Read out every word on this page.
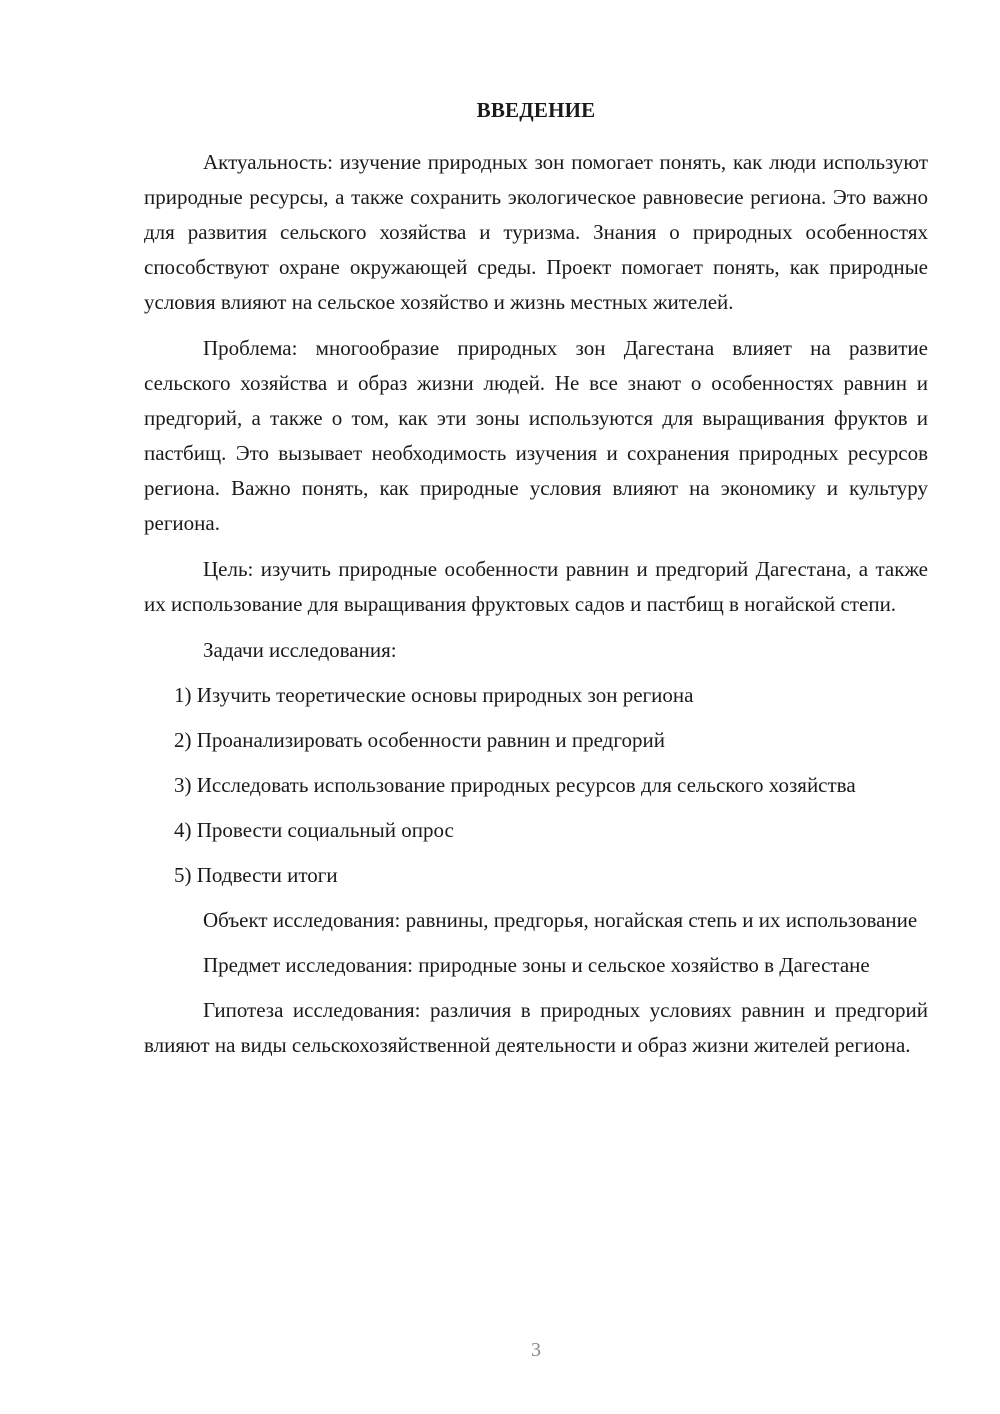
ВВЕДЕНИЕ

Актуальность: изучение природных зон помогает понять, как люди используют природные ресурсы, а также сохранить экологическое равновесие региона. Это важно для развития сельского хозяйства и туризма. Знания о природных особенностях способствуют охране окружающей среды. Проект помогает понять, как природные условия влияют на сельское хозяйство и жизнь местных жителей.

Проблема: многообразие природных зон Дагестана влияет на развитие сельского хозяйства и образ жизни людей. Не все знают о особенностях равнин и предгорий, а также о том, как эти зоны используются для выращивания фруктов и пастбищ. Это вызывает необходимость изучения и сохранения природных ресурсов региона. Важно понять, как природные условия влияют на экономику и культуру региона.

Цель: изучить природные особенности равнин и предгорий Дагестана, а также их использование для выращивания фруктовых садов и пастбищ в ногайской степи.

Задачи исследования:

1) Изучить теоретические основы природных зон региона

2) Проанализировать особенности равнин и предгорий

3) Исследовать использование природных ресурсов для сельского хозяйства

4) Провести социальный опрос

5) Подвести итоги

Объект исследования: равнины, предгорья, ногайская степь и их использование

Предмет исследования: природные зоны и сельское хозяйство в Дагестане

Гипотеза исследования: различия в природных условиях равнин и предгорий влияют на виды сельскохозяйственной деятельности и образ жизни жителей региона.

3
